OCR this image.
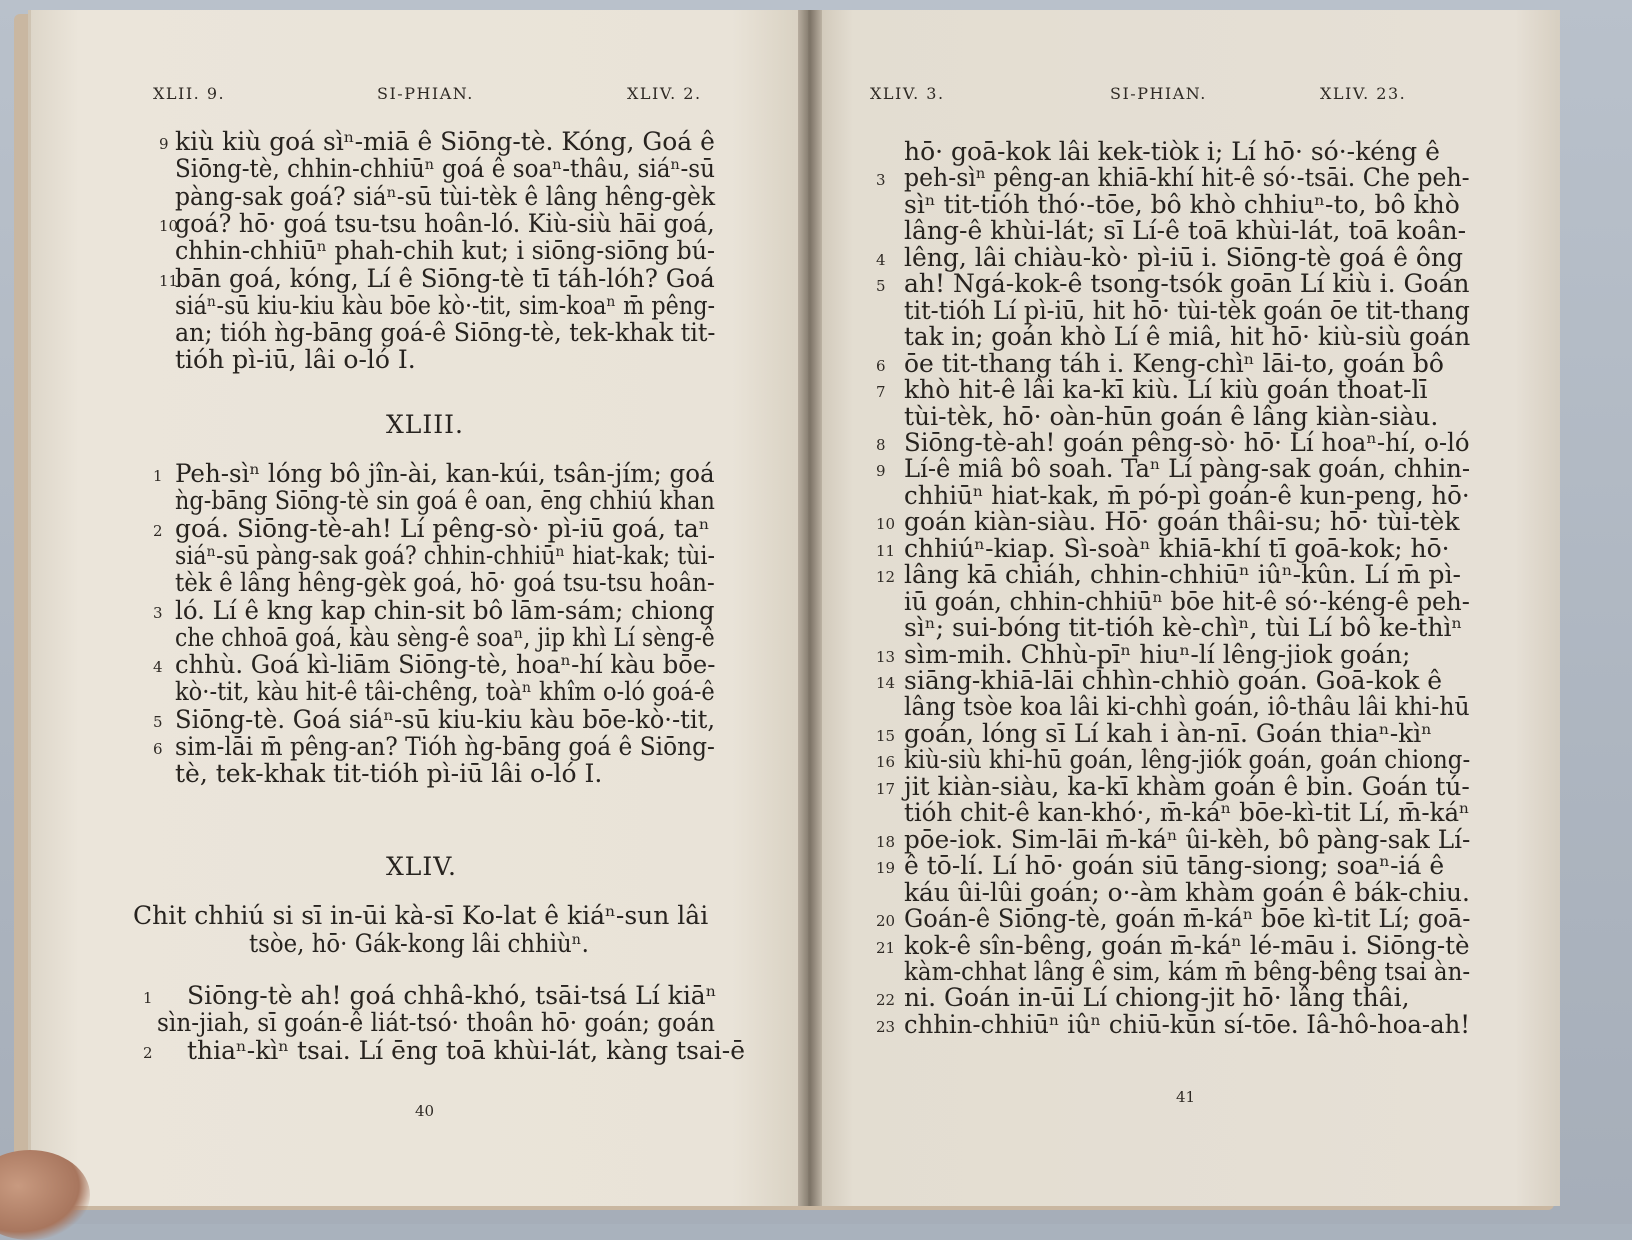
XLII. 9.	SI-PHIAN.	XLIV. 2.
9 kiù kiù goá sìⁿ-miā ê Siōng-tè. Kóng, Goá ê
Siōng-tè, chhin-chhiūⁿ goá ê soaⁿ-thâu, siáⁿ-sū
pàng-sak goá? siáⁿ-sū tùi-tèk ê lâng hêng-gèk
10
goá? hō· goá tsu-tsu hoân-ló. Kiù-siù hāi goá,
chhin-chhiūⁿ phah-chih kut; i siōng-siōng bú-
11
bān goá, kóng, Lí ê Siōng-tè tī táh-lóh? Goá
siáⁿ-sū kiu-kiu kàu bōe kò·-tit, sim-koaⁿ m̄ pêng-
an; tióh ǹg-bāng goá-ê Siōng-tè, tek-khak tit-
tióh pì-iū, lâi o-ló I.
1 Peh-sìⁿ lóng bô jîn-ài, kan-kúi, tsân-jím; goá
ǹg-bāng Siōng-tè sin goá ê oan, ēng chhiú khan
2 goá. Siōng-tè-ah! Lí pêng-sò· pì-iū goá, taⁿ
siáⁿ-sū pàng-sak goá? chhin-chhiūⁿ hiat-kak; tùi-
tèk ê lâng hêng-gèk goá, hō· goá tsu-tsu hoân-
3 ló. Lí ê kng kap chin-sit bô lām-sám; chiong
che chhoā goá, kàu sèng-ê soaⁿ, jip khì Lí sèng-ê
4 chhù. Goá kì-liām Siōng-tè, hoaⁿ-hí kàu bōe-
kò·-tit, kàu hit-ê tâi-chêng, toàⁿ khîm o-ló goá-ê
5 Siōng-tè. Goá siáⁿ-sū kiu-kiu kàu bōe-kò·-tit,
6 sim-lāi m̄ pêng-an? Tióh ǹg-bāng goá ê Siōng-
tè, tek-khak tit-tióh pì-iū lâi o-ló I.
Chit chhiú si sī in-ūi kà-sī Ko-lat ê kiáⁿ-sun lâi
tsòe, hō· Gák-kong lâi chhiùⁿ.
1 Siōng-tè ah! goá chhâ-khó, tsāi-tsá Lí kiāⁿ
sìn-jiah, sī goán-ê liát-tsó· thoân hō· goán; goán
2 thiaⁿ-kìⁿ tsai. Lí ēng toā khùi-lát, kàng tsai-ē
XLIII.
XLIV.
40
XLIV. 3.	SI-PHIAN.	XLIV. 23.
hō· goā-kok lâi kek-tiòk i; Lí hō· só·-kéng ê
3 peh-sìⁿ pêng-an khiā-khí hit-ê só·-tsāi. Che peh-
sìⁿ tit-tióh thó·-tōe, bô khò chhiuⁿ-to, bô khò
lâng-ê khùi-lát; sī Lí-ê toā khùi-lát, toā koân-
4 lêng, lâi chiàu-kò· pì-iū i. Siōng-tè goá ê ông
5 ah! Ngá-kok-ê tsong-tsók goān Lí kiù i. Goán
tit-tióh Lí pì-iū, hit hō· tùi-tèk goán ōe tit-thang
tak in; goán khò Lí ê miâ, hit hō· kiù-siù goán
6 ōe tit-thang táh i. Keng-chìⁿ lāi-to, goán bô
7 khò hit-ê lâi ka-kī kiù. Lí kiù goán thoat-lī
tùi-tèk, hō· oàn-hūn goán ê lâng kiàn-siàu.
8 Siōng-tè-ah! goán pêng-sò· hō· Lí hoaⁿ-hí, o-ló
9 Lí-ê miâ bô soah. Taⁿ Lí pàng-sak goán, chhin-
chhiūⁿ hiat-kak, m̄ pó-pì goán-ê kun-peng, hō·
10 goán kiàn-siàu. Hō· goán thâi-su; hō· tùi-tèk
11 chhiúⁿ-kiap. Sì-soàⁿ khiā-khí tī goā-kok; hō·
12 lâng kā chiáh, chhin-chhiūⁿ iûⁿ-kûn. Lí m̄ pì-
iū goán, chhin-chhiūⁿ bōe hit-ê só·-kéng-ê peh-
sìⁿ; sui-bóng tit-tióh kè-chìⁿ, tùi Lí bô ke-thìⁿ
13 sìm-mih. Chhù-pīⁿ hiuⁿ-lí lêng-jiok goán;
14 siāng-khiā-lāi chhìn-chhiò goán. Goā-kok ê
lâng tsòe koa lâi ki-chhì goán, iô-thâu lâi khi-hū
15 goán, lóng sī Lí kah i àn-nī. Goán thiaⁿ-kìⁿ
16 kiù-siù khi-hū goán, lêng-jiók goán, goán chiong-
17 jit kiàn-siàu, ka-kī khàm goán ê bin. Goán tú-
tióh chit-ê kan-khó·, m̄-káⁿ bōe-kì-tit Lí, m̄-káⁿ
18 pōe-iok. Sim-lāi m̄-káⁿ ûi-kèh, bô pàng-sak Lí-
19 ê tō-lí. Lí hō· goán siū tāng-siong; soaⁿ-iá ê
káu ûi-lûi goán; o·-àm khàm goán ê bák-chiu.
20 Goán-ê Siōng-tè, goán m̄-káⁿ bōe kì-tit Lí; goā-
21 kok-ê sîn-bêng, goán m̄-káⁿ lé-māu i. Siōng-tè
kàm-chhat lâng ê sim, kám m̄ bêng-bêng tsai àn-
22 ni. Goán in-ūi Lí chiong-jit hō· lâng thâi,
23 chhin-chhiūⁿ iûⁿ chiū-kūn sí-tōe. Iâ-hô-hoa-ah!
41
